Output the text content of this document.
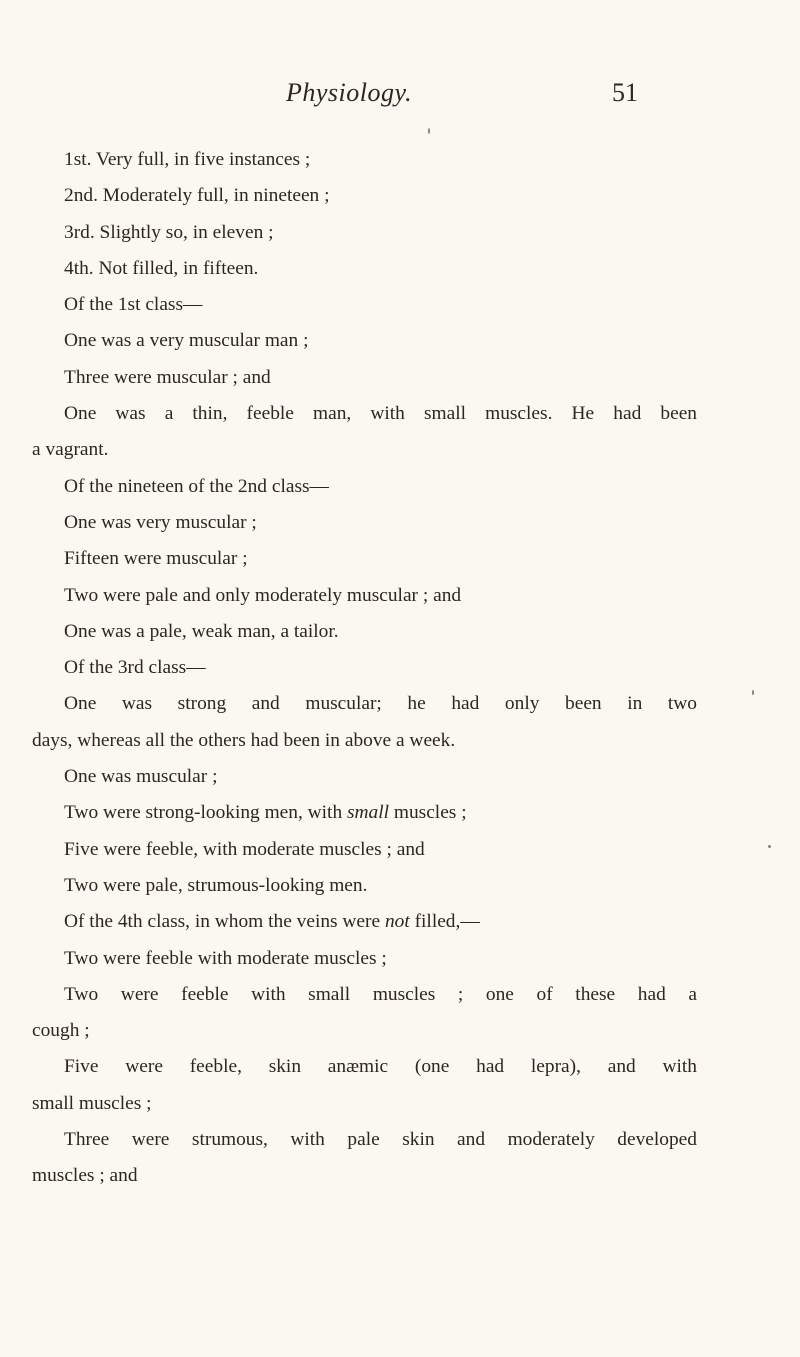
Physiology.	51
1st. Very full, in five instances ;
2nd. Moderately full, in nineteen ;
3rd. Slightly so, in eleven ;
4th. Not filled, in fifteen.
Of the 1st class—
One was a very muscular man ;
Three were muscular ; and
One was a thin, feeble man, with small muscles. He had been
a vagrant.
Of the nineteen of the 2nd class—
One was very muscular ;
Fifteen were muscular ;
Two were pale and only moderately muscular ; and
One was a pale, weak man, a tailor.
Of the 3rd class—
One was strong and muscular; he had only been in two
days, whereas all the others had been in above a week.
One was muscular ;
Two were strong-looking men, with small muscles ;
Five were feeble, with moderate muscles ; and
Two were pale, strumous-looking men.
Of the 4th class, in whom the veins were not filled,—
Two were feeble with moderate muscles ;
Two were feeble with small muscles ; one of these had a
cough ;
Five were feeble, skin anæmic (one had lepra), and with
small muscles ;
Three were strumous, with pale skin and moderately developed
muscles ; and
